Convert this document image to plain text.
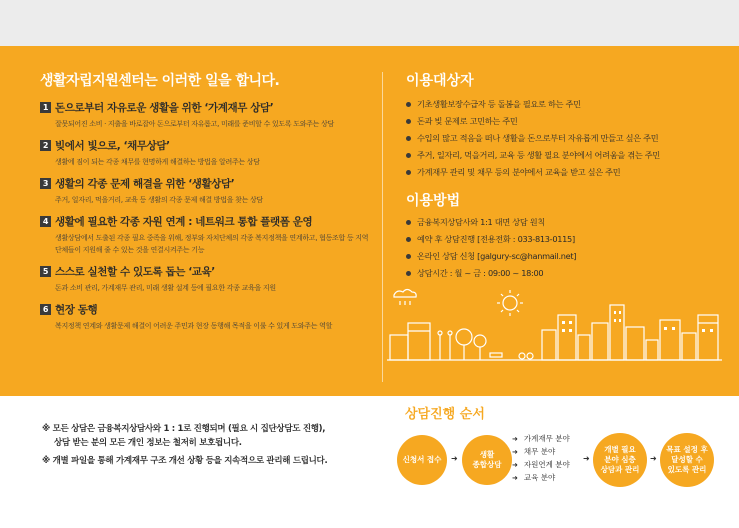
생활자립지원센터는 이러한 일을 합니다.
1 돈으로부터 자유로운 생활을 위한 ‘가계재무 상담’
잘못되어진 소비 · 지출을 바로잡아 돈으로부터 자유롭고, 미래를 준비할 수 있도록 도와주는 상담
2 빚에서 빛으로, ‘채무상담’
생활에 짐이 되는 각종 채무를 현명하게 해결하는 방법을 알려주는 상담
3 생활의 각종 문제 해결을 위한 ‘생활상담’
주거, 일자리, 먹을거리, 교육 등 생활의 각종 문제 해결 방법을 찾는 상담
4 생활에 필요한 각종 자원 연계 : 네트워크 통합 플랫폼 운영
생활상담에서 도출된 각종 필요 중족을 위해, 정부와 자치단체의 각종 복지정책을 연계하고, 협동조합 등 지역 단체들이 지원해 줄 수 있는 것을 연결시켜주는 기능
5 스스로 실천할 수 있도록 돕는 ‘교육’
돈과 소비 관리, 가계재무 관리, 미래 생활 설계 등에 필요한 각종 교육을 지원
6 현장 동행
복지정책 연계와 생활문제 해결이 어려운 주민과 현장 동행해 목적을 이룰 수 있게 도와주는 역할
이용대상자
기초생활보장수급자 등 돌봄을 필요로 하는 주민
돈과 빚 문제로 고민하는 주민
수입의 많고 적음을 떠나 생활을 돈으로부터 자유롭게 만들고 싶은 주민
주거, 일자리, 먹을거리, 교육 등 생활 필요 분야에서 어려움을 겪는 주민
가계재무 관리 및 채무 등의 분야에서 교육을 받고 싶은 주민
이용방법
금융복지상담사와 1:1 대면 상담 원칙
예약 후 상담진행 [전용전화 : 033-813-0115]
온라인 상담 신청 [galgury-sc@hanmail.net]
상담시간 : 월 ~ 금 : 09:00 ~ 18:00
※ 모든 상담은 금융복지상담사와 1 : 1로 진행되며 (필요 시 집단상담도 진행),
상담 받는 분의 모든 개인 정보는 철저히 보호됩니다.
※ 개별 파일을 통해 가계재무 구조 개선 상황 등을 지속적으로 관리해 드립니다.
상담진행 순서
신청서 접수 ➜	생활
종합상담
➜ 가계재무 분야
➜ 채무 분야
➜ 자원연계 분야
➜ 교육 분야
➜
개별 필요
분야 심층
상담과 관리
➜
목표 설정 후
달성할 수
있도록 관리
